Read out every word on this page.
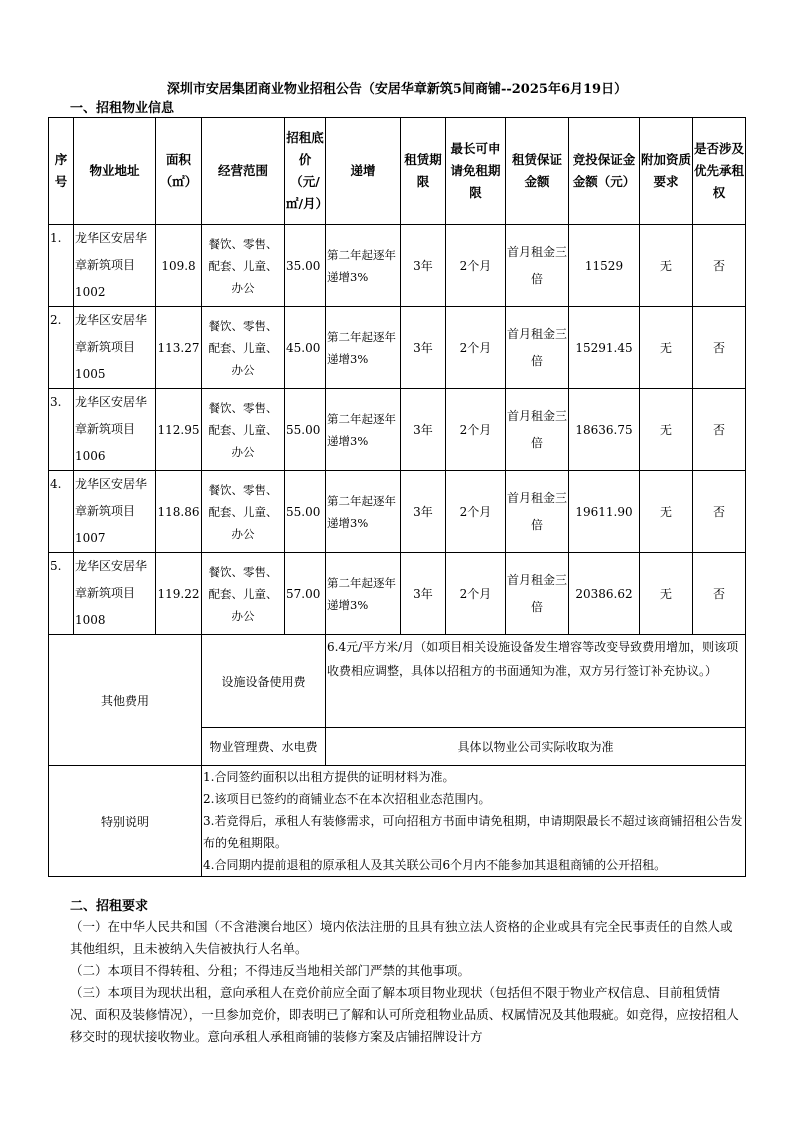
深圳市安居集团商业物业招租公告（安居华章新筑5间商铺--2025年6月19日）
一、招租物业信息
序号	物业地址	面积（㎡）	经营范围	招租底价（元/㎡/月）	递增	租赁期限	最长可申请免租期限	租赁保证金额	竞投保证金金额（元）	附加资质要求	是否涉及优先承租权
1.	龙华区安居华章新筑项目1002	109.8	餐饮、零售、配套、儿童、办公	35.00	第二年起逐年递增3%	3年	2个月	首月租金三倍	11529	无	否
2.	龙华区安居华章新筑项目1005	113.27	餐饮、零售、配套、儿童、办公	45.00	第二年起逐年递增3%	3年	2个月	首月租金三倍	15291.45	无	否
3.	龙华区安居华章新筑项目1006	112.95	餐饮、零售、配套、儿童、办公	55.00	第二年起逐年递增3%	3年	2个月	首月租金三倍	18636.75	无	否
4.	龙华区安居华章新筑项目1007	118.86	餐饮、零售、配套、儿童、办公	55.00	第二年起逐年递增3%	3年	2个月	首月租金三倍	19611.90	无	否
5.	龙华区安居华章新筑项目1008	119.22	餐饮、零售、配套、儿童、办公	57.00	第二年起逐年递增3%	3年	2个月	首月租金三倍	20386.62	无	否
其他费用			设施设备使用费		6.4元/平方米/月（如项目相关设施设备发生增容等改变导致费用增加，则该项收费相应调整，具体以招租方的书面通知为准，双方另行签订补充协议。）						
			物业管理费、水电费		具体以物业公司实际收取为准						
特别说明			1.合同签约面积以出租方提供的证明材料为准。

2.该项目已签约的商铺业态不在本次招租业态范围内。

3.若竞得后，承租人有装修需求，可向招租方书面申请免租期，申请期限最长不超过该商铺招租公告发布的免租期限。

4.合同期内提前退租的原承租人及其关联公司6个月内不能参加其退租商铺的公开招租。								

二、招租要求

（一）在中华人民共和国（不含港澳台地区）境内依法注册的且具有独立法人资格的企业或具有完全民事责任的自然人或其他组织，且未被纳入失信被执行人名单。

（二）本项目不得转租、分租；不得违反当地相关部门严禁的其他事项。

（三）本项目为现状出租，意向承租人在竞价前应全面了解本项目物业现状（包括但不限于物业产权信息、目前租赁情况、面积及装修情况），一旦参加竞价，即表明已了解和认可所竞租物业品质、权属情况及其他瑕疵。如竞得，应按招租人移交时的现状接收物业。意向承租人承租商铺的装修方案及店铺招牌设计方
